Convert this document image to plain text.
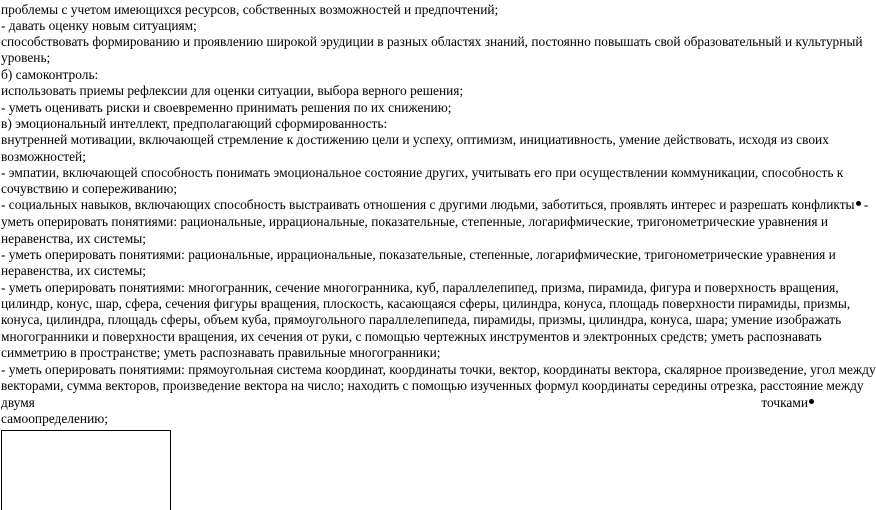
проблемы с учетом имеющихся ресурсов, собственных возможностей и предпочтений;
- давать оценку новым ситуациям;
способствовать формированию и проявлению широкой эрудиции в разных областях знаний, постоянно повышать свой образовательный и культурный
уровень;
б) самоконтроль:
использовать приемы рефлексии для оценки ситуации, выбора верного решения;
- уметь оценивать риски и своевременно принимать решения по их снижению;
в) эмоциональный интеллект, предполагающий сформированность:
внутренней мотивации, включающей стремление к достижению цели и успеху, оптимизм, инициативность, умение действовать, исходя из своих
возможностей;
- эмпатии, включающей способность понимать эмоциональное состояние других, учитывать его при осуществлении коммуникации, способность к
сочувствию и сопереживанию;
- социальных навыков, включающих способность выстраивать отношения с другими людьми, заботиться, проявлять интерес и разрешать конфликты -
уметь оперировать понятиями: рациональные, иррациональные, показательные, степенные, логарифмические, тригонометрические уравнения и
неравенства, их системы;
- уметь оперировать понятиями: рациональные, иррациональные, показательные, степенные, логарифмические, тригонометрические уравнения и
неравенства, их системы;
- уметь оперировать понятиями: многогранник, сечение многогранника, куб, параллелепипед, призма, пирамида, фигура и поверхность вращения,
цилиндр, конус, шар, сфера, сечения фигуры вращения, плоскость, касающаяся сферы, цилиндра, конуса, площадь поверхности пирамиды, призмы,
конуса, цилиндра, площадь сферы, объем куба, прямоугольного параллелепипеда, пирамиды, призмы, цилиндра, конуса, шара; умение изображать
многогранники и поверхности вращения, их сечения от руки, с помощью чертежных инструментов и электронных средств; уметь распознавать
симметрию в пространстве; уметь распознавать правильные многогранники;
- уметь оперировать понятиями: прямоугольная система координат, координаты точки, вектор, координаты вектора, скалярное произведение, угол между
векторами, сумма векторов, произведение вектора на число; находить с помощью изученных формул координаты середины отрезка, расстояние между
двумя	точками
самоопределению;
